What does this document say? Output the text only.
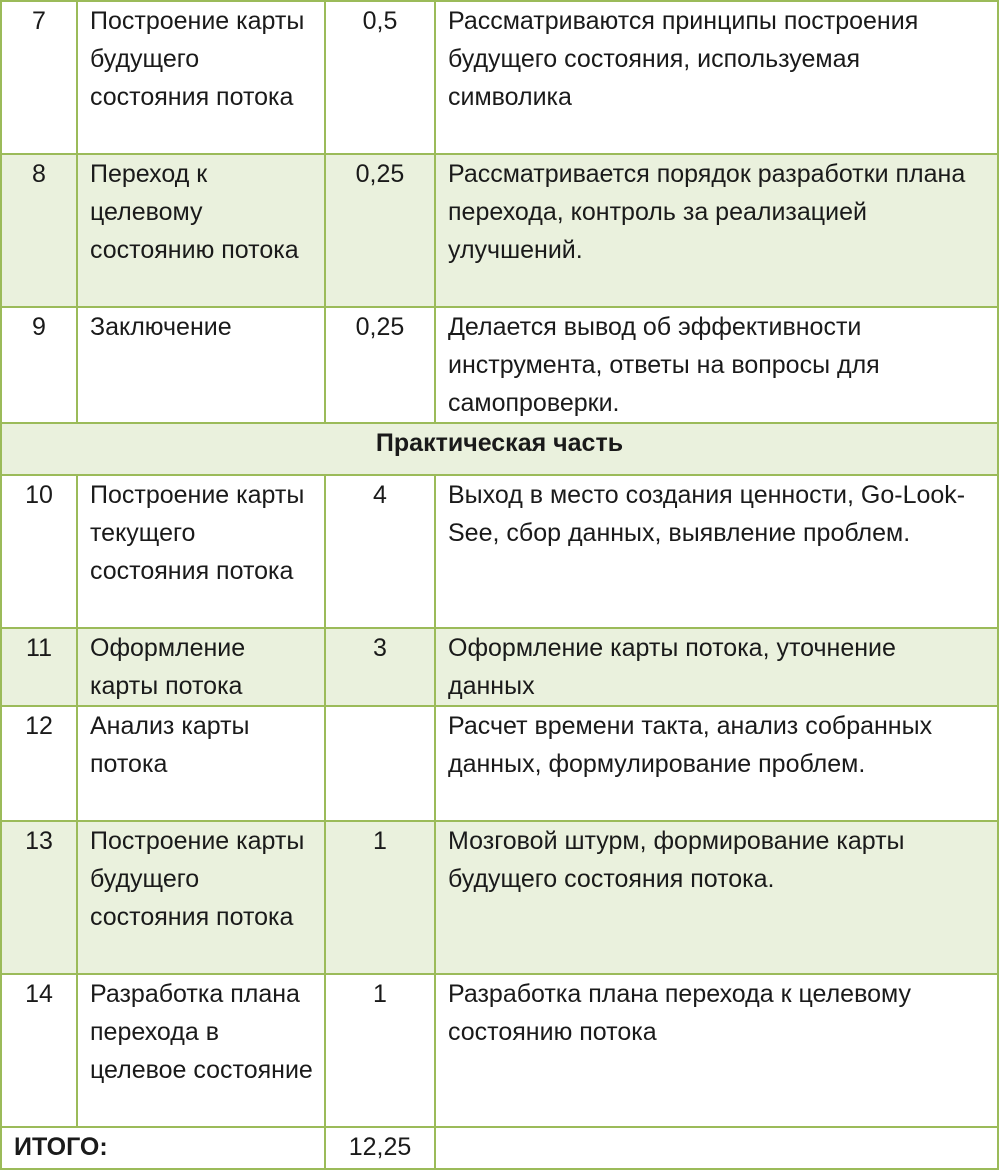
7	Построение карты будущего состояния потока	0,5	Рассматриваются принципы построения будущего состояния, используемая символика

8	Переход к целевому состоянию потока	0,25	Рассматривается порядок разработки плана перехода, контроль за реализацией улучшений.

9	Заключение	0,25	Делается вывод об эффективности инструмента, ответы на вопросы для самопроверки.

Практическая часть			

10	Построение карты текущего состояния потока	4	Выход в место создания ценности, Go-Look-See, сбор данных, выявление проблем.

11	Оформление карты потока	3	Оформление карты потока, уточнение данных

12	Анализ карты потока		Расчет времени такта, анализ собранных данных, формулирование проблем.

13	Построение карты будущего состояния потока	1	Мозговой штурм, формирование карты будущего состояния потока.

14	Разработка плана перехода в целевое состояние	1	Разработка плана перехода к целевому состоянию потока

ИТОГО:		12,25	
